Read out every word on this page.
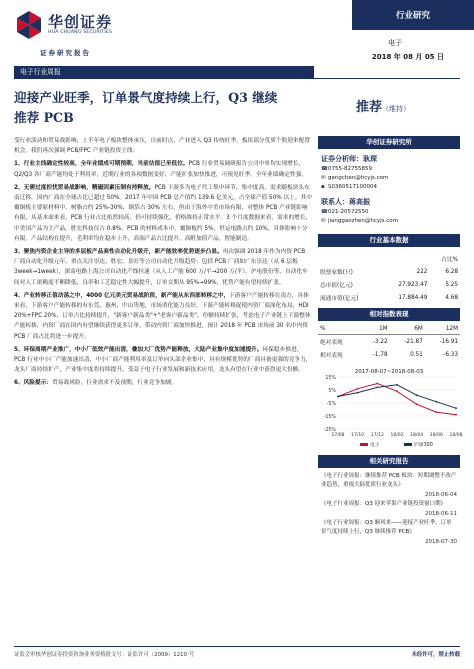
华创证券
HUA CHUANG SECURITIES
证券研究报告
行业研究
电子
2018 年 08 月 05 日
电子行业周报
迎接产业旺季，订单景气度持续上行，Q3 继续
推荐 PCB
推荐（维持）

受行业淡动和贸易战影响，上半年电子板块整体承压，自前时点，产业进入 Q3 传统旺季，板块部分优质个股迎来配置机会。我们再次强调 PCB/FPC 产业链投资主线：

1、行业主线确定性较高，全年业绩成可期预期，当前估值已至低位。PCB 行业贸易调研报告公司中单均实现增长，Q2/Q3 各厂商产能均处于利用率，近期行业的各项数据变好、产能扩张加快推进，可预见旺季，全年业绩确定性强。

2、无需过度担忧贸易战影响，精磁因素压制有持释放。PCB 下游多为电子代工集中环节，集中度高，需求随板块头东南迁移，国内厂商在全球占比已超过 50%。2017 年中国 PCB 总产值约 139.6 亿美元，占全球产值 50% 以上。其中覆铜板主要原材料中，树脂占约 25%-30%，铜箔占 30% 左右，但由于海外中美市场有限，对整体 PCB 产业链影响有限，从基本面来看，PCB 行业占比依然较高，仍可持续强化，价格维持正常水平。3 个月度数据来看，需求的增长，中美国产品为主产品，胜宏科技仅占 0.8%，PCB 的材料成本中，覆铜板约 5%，世运电路占约 10%，具体影响十分有限。产品结构在提升，毛利率均在稳步上升，高端产品占比提升，高附加值产品，智能制造。

3、聚焦内资企业主导的多层板产品高性自动化升级开，新产能效率优势逐步凸显。再次强调 2018 年作为内资 PCB 厂商自动化升级元年，重点关注崇达、胜宏、景旺等公司自动化升级趋势：包括 PCB 厂商如广东崇达（从 6 层板 3week→1week），深南电路上海公司自动化产线拉速（从人工产能 600 万/平→200 万/平），沪电股份等，自动化车间对人工依赖度不断降低，良率和工艺稳定性大幅提升，订单交期从 95%→99%，优势产能有望持续扩张。

4、产业转移正值动荡之中，4000 亿元美元贸易战阶段，新产能从东西部转移之中，下游客户产能转移在南方，具体来看，下游客户产能转移的有东莞、惠州、中山等地，市场消化能力良好，下游产能转移促使内资厂商深化布局，HDI 20%+FPC 20%，订单占比持续提升，"新客户新品类"+"老客户新品类"，份额持续扩张，考虑电子产业链上下游整体产能转移，内资厂商在国内有望继续获得更多订单，带动内资厂商加快推进，预计 2018 年 PCB 市场前 30 名中内资 PCB 厂商占比将进一步提升。

5、环保周期产业推广，中小厂低效产能出清，叠加大厂优势产能释放，大陆产业集中度加速提升。环保稳步推进，PCB 行业中小厂产能加速出清，中小厂商产能利用率及订单向头部企业集中，具有规模优势的厂商具备更强的竞争力，龙头厂商持续扩产，产业集中度将持续提升，受益于电子行业发展和新技术应用，龙头有望在行业中获得更大份额。

6、风险提示：贸易战风险，行业需求不及预期，行业竞争加剧。

华创证券研究所
证券分析师：耿琛
☎0755-82755859
✉ gengchen@hcyjs.com
▪ S0360517100004
联系人：蒋高振
☎021-20572550
✉ jianggaozhen@hcyjs.com
行业基本数据
		占比%
股票家数(只)	222	6.28
总市值(亿元)	27,923.47	5.25
流通市值(亿元)	17,884.49	4.68
相对指数表现
%	1M	6M	12M
绝对表现	-3.22	-21.87	-16.91
相对表现	-1.78	0.51	-6.33
2017-08-07~2018-08-03
15%
5%
-5%
-15%
-25%
17/08 17/10 17/12 18/02 18/04 18/06 18/08
电子	沪深300
相关研究报告
《电子行业周报：继续推荐 PCB 板块：短期调整不改产业趋势，重视大陆优质行业龙头》
2018-06-04
《电子行业周报：Q3 迎来苹果产业链投资窗口期》
2018-06-11
《电子行业周报：Q3 顺风来——迎接产业旺季，订单景气度持续上行，Q3 继续推荐 PCB》
2018-07-30
证监会审核华创证券投资咨询业务资格批文号：证监许可（2009）1210 号	未经许可，禁止转载
